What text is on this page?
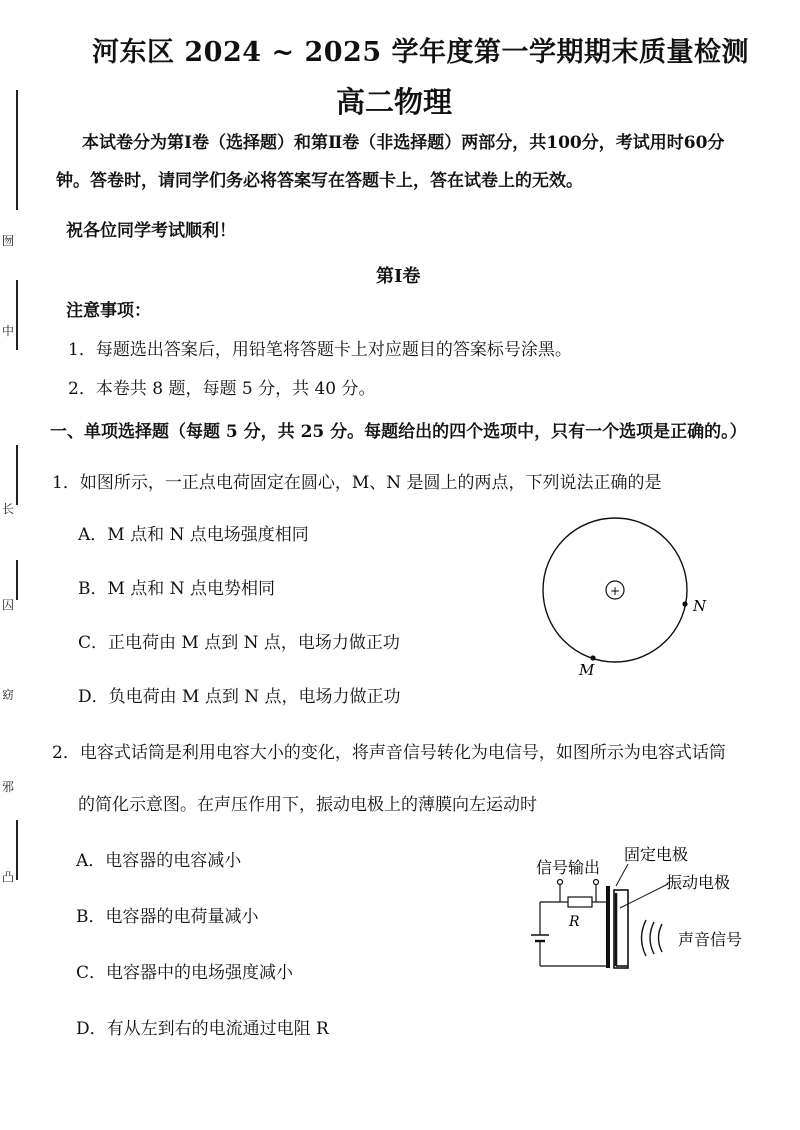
囫
中
长
囚
窈
邪
凸
河东区 2024 ~ 2025 学年度第一学期期末质量检测
高二物理
本试卷分为第Ⅰ卷（选择题）和第Ⅱ卷（非选择题）两部分，共100分，考试用时60分
钟。答卷时，请同学们务必将答案写在答题卡上，答在试卷上的无效。
祝各位同学考试顺利！
第Ⅰ卷
注意事项：
1．每题选出答案后，用铅笔将答题卡上对应题目的答案标号涂黑。
2．本卷共 8 题，每题 5 分，共 40 分。
一、单项选择题（每题 5 分，共 25 分。每题给出的四个选项中，只有一个选项是正确的。）
1．如图所示，一正点电荷固定在圆心，M、N 是圆上的两点，下列说法正确的是
A．M 点和 N 点电场强度相同
B．M 点和 N 点电势相同
C．正电荷由 M 点到 N 点，电场力做正功
D．负电荷由 M 点到 N 点，电场力做正功
+
N
M
2．电容式话筒是利用电容大小的变化，将声音信号转化为电信号，如图所示为电容式话筒
的简化示意图。在声压作用下，振动电极上的薄膜向左运动时
A．电容器的电容减小
B．电容器的电荷量减小
C．电容器中的电场强度减小
D．有从左到右的电流通过电阻 R
信号输出
固定电极
振动电极
声音信号
R
